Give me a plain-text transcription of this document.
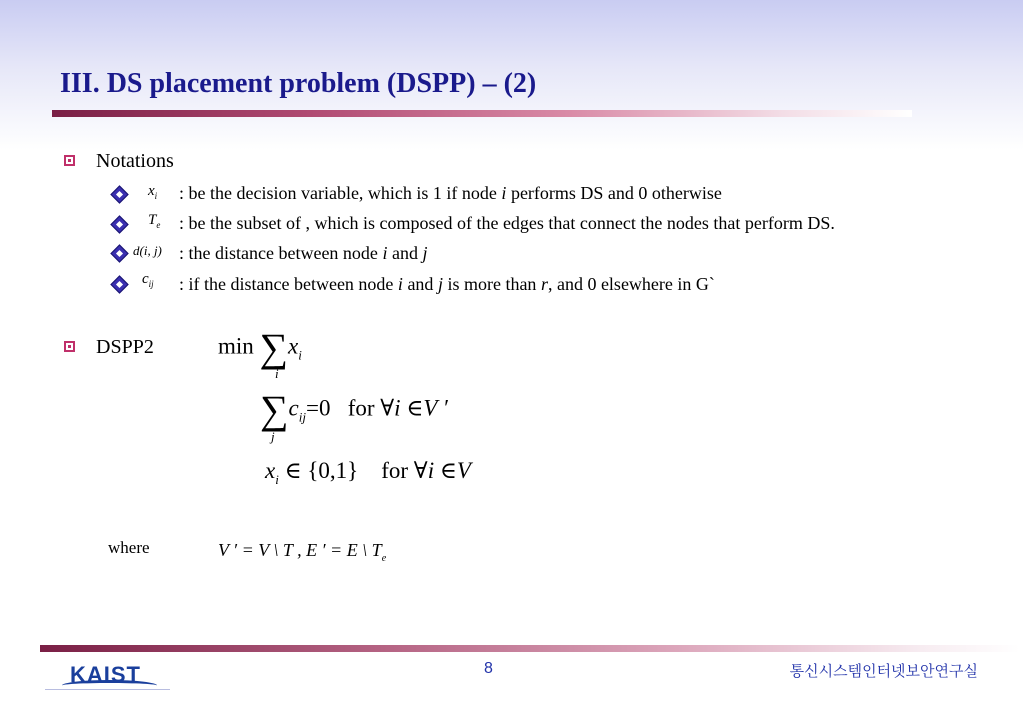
III. DS placement problem (DSPP) – (2)
Notations
$x_i$ : be the decision variable, which is 1 if node i performs DS and 0 otherwise
$T_e$ : be the subset of , which is composed of the edges that connect the nodes that perform DS.
d(i, j) : the distance between node i and j
$c_{ij}$ : if the distance between node i and j is more than r, and 0 elsewhere in G`
DSPP2	$\min \sum x_i$
i
$\sum c_{ij}=0$ for ∀i ∈V ′
j
$x_i$ ∈ {0,1} for ∀i ∈V
where	V ′ = V \ T , E ′ = E \ $T_e$
KAIST	8	통신시스템인터넷보안연구실
